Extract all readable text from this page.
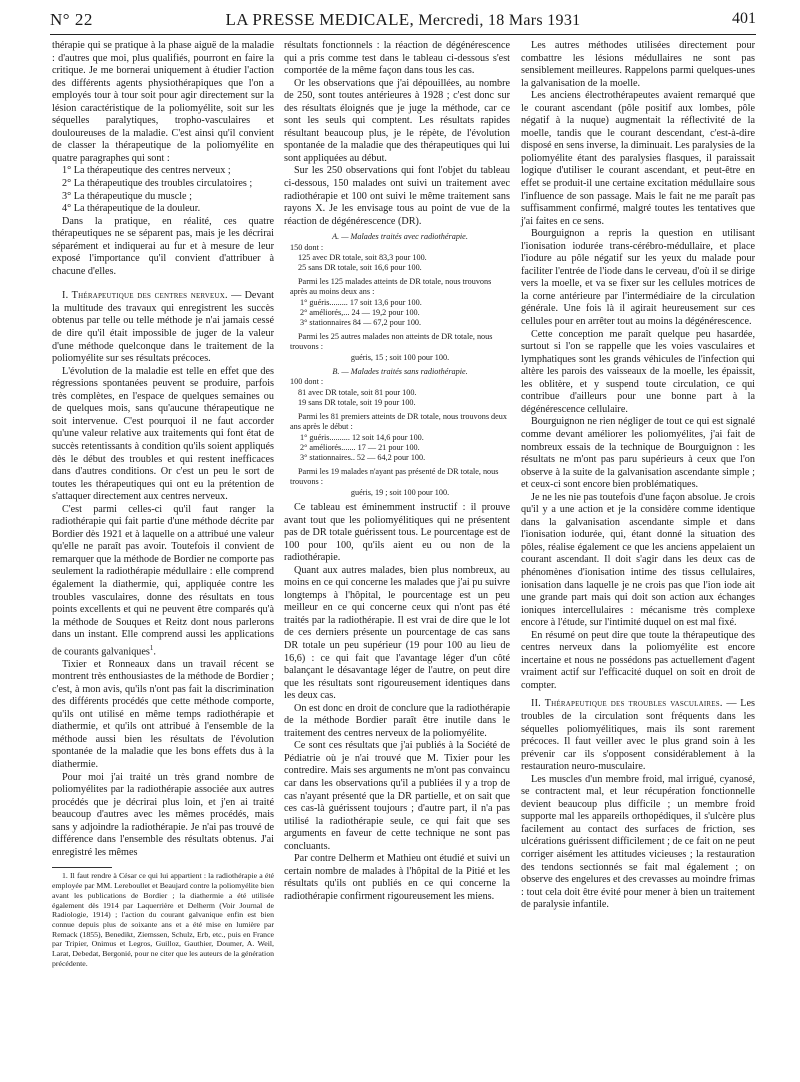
N° 22	LA PRESSE MEDICALE, Mercredi, 18 Mars 1931	401

thérapie qui se pratique à la phase aiguë de la maladie : d'autres que moi, plus qualifiés, pourront en faire la critique. Je me bornerai uniquement à étudier l'action des différents agents physiothérapiques que l'on a employés tour à tour soit pour agir directement sur la lésion caractéristique de la poliomyélite, soit sur les séquelles paralytiques, tropho-vasculaires et douloureuses de la maladie. C'est ainsi qu'il convient de classer la thérapeutique de la poliomyélite en quatre paragraphes qui sont :

1° La thérapeutique des centres nerveux ;

2° La thérapeutique des troubles circulatoires ;

3° La thérapeutique du muscle ;

4° La thérapeutique de la douleur.

Dans la pratique, en réalité, ces quatre thérapeutiques ne se séparent pas, mais je les décrirai séparément et indiquerai au fur et à mesure de leur exposé l'importance qu'il convient d'attribuer à chacune d'elles.

I. Thérapeutique des centres nerveux. — Devant la multitude des travaux qui enregistrent les succès obtenus par telle ou telle méthode je n'ai jamais cessé de dire qu'il était impossible de juger de la valeur d'une méthode quelconque dans le traitement de la poliomyélite sur ses résultats précoces.

L'évolution de la maladie est telle en effet que des régressions spontanées peuvent se produire, parfois très complètes, en l'espace de quelques semaines ou de quelques mois, sans qu'aucune thérapeutique ne soit intervenue. C'est pourquoi il ne faut accorder qu'une valeur relative aux traitements qui font état de succès retentissants à condition qu'ils soient appliqués dès le début des troubles et qui restent inefficaces dans d'autres conditions. Or c'est un peu le sort de toutes les thérapeutiques qui ont eu la prétention de s'attaquer directement aux centres nerveux.

C'est parmi celles-ci qu'il faut ranger la radiothérapie qui fait partie d'une méthode décrite par Bordier dès 1921 et à laquelle on a attribué une valeur qu'elle ne paraît pas avoir. Toutefois il convient de remarquer que la méthode de Bordier ne comporte pas seulement la radiothérapie médullaire : elle comprend également la diathermie, qui, appliquée contre les troubles vasculaires, donne des résultats en tous points excellents et qui ne peuvent être comparés qu'à la méthode de Souques et Reitz dont nous parlerons dans un instant. Elle comprend aussi les applications de courants galvaniques$^1$.

Tixier et Ronneaux dans un travail récent se montrent très enthousiastes de la méthode de Bordier ; c'est, à mon avis, qu'ils n'ont pas fait la discrimination des différents procédés que cette méthode comporte, qu'ils ont utilisé en même temps radiothérapie et diathermie, et qu'ils ont attribué à l'ensemble de la méthode aussi bien les résultats de l'évolution spontanée de la maladie que les bons effets dus à la diathermie.

Pour moi j'ai traité un très grand nombre de poliomyélites par la radiothérapie associée aux autres procédés que je décrirai plus loin, et j'en ai traité beaucoup d'autres avec les mêmes procédés, mais sans y adjoindre la radiothérapie. Je n'ai pas trouvé de différence dans l'ensemble des résultats obtenus. J'ai enregistré les mêmes

1. Il faut rendre à César ce qui lui appartient : la radiothérapie a été employée par MM. Lereboullet et Beaujard contre la poliomyélite bien avant les publications de Bordier ; la diathermie a été utilisée également dès 1914 par Laquerrière et Delherm (Voir Journal de Radiologie, 1914) ; l'action du courant galvanique enfin est bien connue depuis plus de soixante ans et a été mise en lumière par Remack (1855), Benedikt, Ziemssen, Schulz, Erb, etc., puis en France par Tripier, Onimus et Legros, Guilloz, Gauthier, Doumer, A. Weil, Larat, Debedat, Bergonié, pour ne citer que les auteurs de la génération précédente.

résultats fonctionnels : la réaction de dégénérescence qui a pris comme test dans le tableau ci-dessous s'est comportée de la même façon dans tous les cas.

Or les observations que j'ai dépouillées, au nombre de 250, sont toutes antérieures à 1928 ; c'est donc sur des résultats éloignés que je juge la méthode, car ce sont les seuls qui comptent. Les résultats rapides résultant beaucoup plus, je le répète, de l'évolution spontanée de la maladie que des thérapeutiques qui lui sont appliquées au début.

Sur les 250 observations qui font l'objet du tableau ci-dessous, 150 malades ont suivi un traitement avec radiothérapie et 100 ont suivi le même traitement sans rayons X. Je les envisage tous au point de vue de la réaction de dégénérescence (DR).

A. — Malades traités avec radiothérapie.

150 dont :

125 avec DR totale, soit 83,3 pour 100.

25 sans DR totale, soit 16,6 pour 100.

Parmi les 125 malades atteints de DR totale, nous trouvons après au moins deux ans :

1° guéris......... 17 soit 13,6 pour 100.

2° améliorés,... 24 — 19,2 pour 100.

3° stationnaires 84 — 67,2 pour 100.

Parmi les 25 autres malades non atteints de DR totale, nous trouvons :

guéris, 15 ; soit 100 pour 100.

B. — Malades traités sans radiothérapie.

100 dont :

81 avec DR totale, soit 81 pour 100.

19 sans DR totale, soit 19 pour 100.

Parmi les 81 premiers atteints de DR totale, nous trouvons deux ans après le début :

1° guéris.......... 12 soit 14,6 pour 100.

2° améliorés....... 17 — 21 pour 100.

3° stationnaires.. 52 — 64,2 pour 100.

Parmi les 19 malades n'ayant pas présenté de DR totale, nous trouvons :

guéris, 19 ; soit 100 pour 100.

Ce tableau est éminemment instructif : il prouve avant tout que les poliomyélitiques qui ne présentent pas de DR totale guérissent tous. Le pourcentage est de 100 pour 100, qu'ils aient eu ou non de la radiothérapie.

Quant aux autres malades, bien plus nombreux, au moins en ce qui concerne les malades que j'ai pu suivre longtemps à l'hôpital, le pourcentage est un peu meilleur en ce qui concerne ceux qui n'ont pas été traités par la radiothérapie. Il est vrai de dire que le lot de ces derniers présente un pourcentage de cas sans DR totale un peu supérieur (19 pour 100 au lieu de 16,6) : ce qui fait que l'avantage léger d'un côté balançant le désavantage léger de l'autre, on peut dire que les résultats sont rigoureusement identiques dans les deux cas.

On est donc en droit de conclure que la radiothérapie de la méthode Bordier paraît être inutile dans le traitement des centres nerveux de la poliomyélite.

Ce sont ces résultats que j'ai publiés à la Société de Pédiatrie où je n'ai trouvé que M. Tixier pour les contredire. Mais ses arguments ne m'ont pas convaincu car dans les observations qu'il a publiées il y a trop de cas n'ayant présenté que la DR partielle, et on sait que ces cas-là guérissent toujours ; d'autre part, il n'a pas utilisé la radiothérapie seule, ce qui fait que ses arguments en faveur de cette technique ne sont pas concluants.

Par contre Delherm et Mathieu ont étudié et suivi un certain nombre de malades à l'hôpital de la Pitié et les résultats qu'ils ont publiés en ce qui concerne la radiothérapie confirment rigoureusement les miens.

Les autres méthodes utilisées directement pour combattre les lésions médullaires ne sont pas sensiblement meilleures. Rappelons parmi quelques-unes la galvanisation de la moelle.

Les anciens électrothérapeutes avaient remarqué que le courant ascendant (pôle positif aux lombes, pôle négatif à la nuque) augmentait la réflectivité de la moelle, tandis que le courant descendant, c'est-à-dire disposé en sens inverse, la diminuait. Les paralysies de la poliomyélite étant des paralysies flasques, il paraissait logique d'utiliser le courant ascendant, et peut-être en effet se produit-il une certaine excitation médullaire sous l'influence de son passage. Mais le fait ne me paraît pas suffisamment confirmé, malgré toutes les tentatives que j'ai faites en ce sens.

Bourguignon a repris la question en utilisant l'ionisation iodurée trans-cérébro-médullaire, et place l'iodure au pôle négatif sur les yeux du malade pour faciliter l'entrée de l'iode dans le cerveau, d'où il se dirige vers la moelle, et va se fixer sur les cellules motrices de la corne antérieure par l'intermédiaire de la circulation générale. Une fois là il agirait heureusement sur ces cellules pour en arrêter tout au moins la dégénérescence.

Cette conception me paraît quelque peu hasardée, surtout si l'on se rappelle que les voies vasculaires et lymphatiques sont les grands véhicules de l'infection qui altère les parois des vaisseaux de la moelle, les épaissit, les oblitère, et y suspend toute circulation, ce qui contribue d'ailleurs pour une bonne part à la dégénérescence cellulaire.

Bourguignon ne rien négliger de tout ce qui est signalé comme devant améliorer les poliomyélites, j'ai fait de nombreux essais de la technique de Bourguignon : les résultats ne m'ont pas paru supérieurs à ceux que l'on observe à la suite de la galvanisation ascendante simple ; et ceux-ci sont encore bien problématiques.

Je ne les nie pas toutefois d'une façon absolue. Je crois qu'il y a une action et je la considère comme identique dans la galvanisation ascendante simple et dans l'ionisation iodurée, qui, étant donné la situation des pôles, réalise également ce que les anciens appelaient un courant ascendant. Il doit s'agir dans les deux cas de phénomènes d'ionisation intime des tissus cellulaires, ionisation dans laquelle je ne crois pas que l'ion iode ait une grande part mais qui doit son action aux échanges ioniques intercellulaires : mécanisme très complexe encore à l'étude, sur l'intimité duquel on est mal fixé.

En résumé on peut dire que toute la thérapeutique des centres nerveux dans la poliomyélite est encore incertaine et nous ne possédons pas actuellement d'agent vraiment actif sur l'efficacité duquel on soit en droit de compter.

II. Thérapeutique des troubles vasculaires. — Les troubles de la circulation sont fréquents dans les séquelles poliomyélitiques, mais ils sont rarement précoces. Il faut veiller avec le plus grand soin à les prévenir car ils s'opposent considérablement à la restauration neuro-musculaire.

Les muscles d'un membre froid, mal irrigué, cyanosé, se contractent mal, et leur récupération fonctionnelle devient beaucoup plus difficile ; un membre froid supporte mal les appareils orthopédiques, il s'ulcère plus facilement au contact des surfaces de friction, ses ulcérations guérissent difficilement ; de ce fait on ne peut corriger aisément les attitudes vicieuses ; la restauration des tendons sectionnés se fait mal également ; on observe des engelures et des crevasses au moindre frimas : tout cela doit être évité pour mener à bien un traitement de paralysie infantile.
